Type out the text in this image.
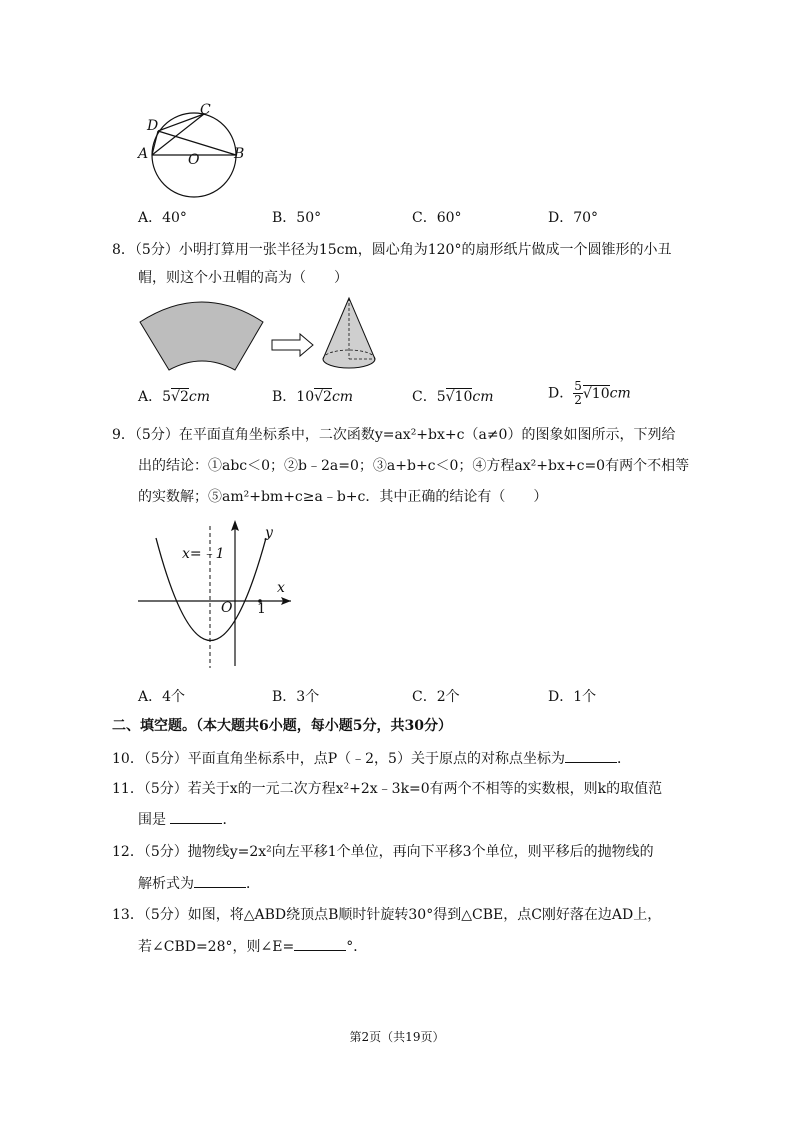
C
D
A	O B
A．40°	B．50°	C．60°	D．70°
8．（5分）小明打算用一张半径为15cm，圆心角为120°的扇形纸片做成一个圆锥形的小丑
帽，则这个小丑帽的高为（　　）
A．5√2cm	B．10√2cm	C．5√10cm	D． $\frac{5}{2} √10cm$
9．（5分）在平面直角坐标系中，二次函数y=ax²+bx+c（a≠0）的图象如图所示，下列给
出的结论：①abc＜0；②b﹣2a=0；③a+b+c＜0；④方程ax²+bx+c=0有两个不相等
的实数解；⑤am²+bm+c≥a﹣b+c．其中正确的结论有（　　）
x=﹣1
y
x
O 1
A．4个	B．3个	C．2个	D．1个
二、填空题。（本大题共6小题，每小题5分，共30分）
10．（5分）平面直角坐标系中，点P（﹣2，5）关于原点的对称点坐标为	．
11．（5分）若关于x的一元二次方程x²+2x﹣3k=0有两个不相等的实数根，则k的取值范
围是	．
12．（5分）抛物线y=2x²向左平移1个单位，再向下平移3个单位，则平移后的抛物线的
解析式为	．
13．（5分）如图，将△ABD绕顶点B顺时针旋转30°得到△CBE，点C刚好落在边AD上，
若∠CBD=28°，则∠E=	°．
第2页（共19页）
